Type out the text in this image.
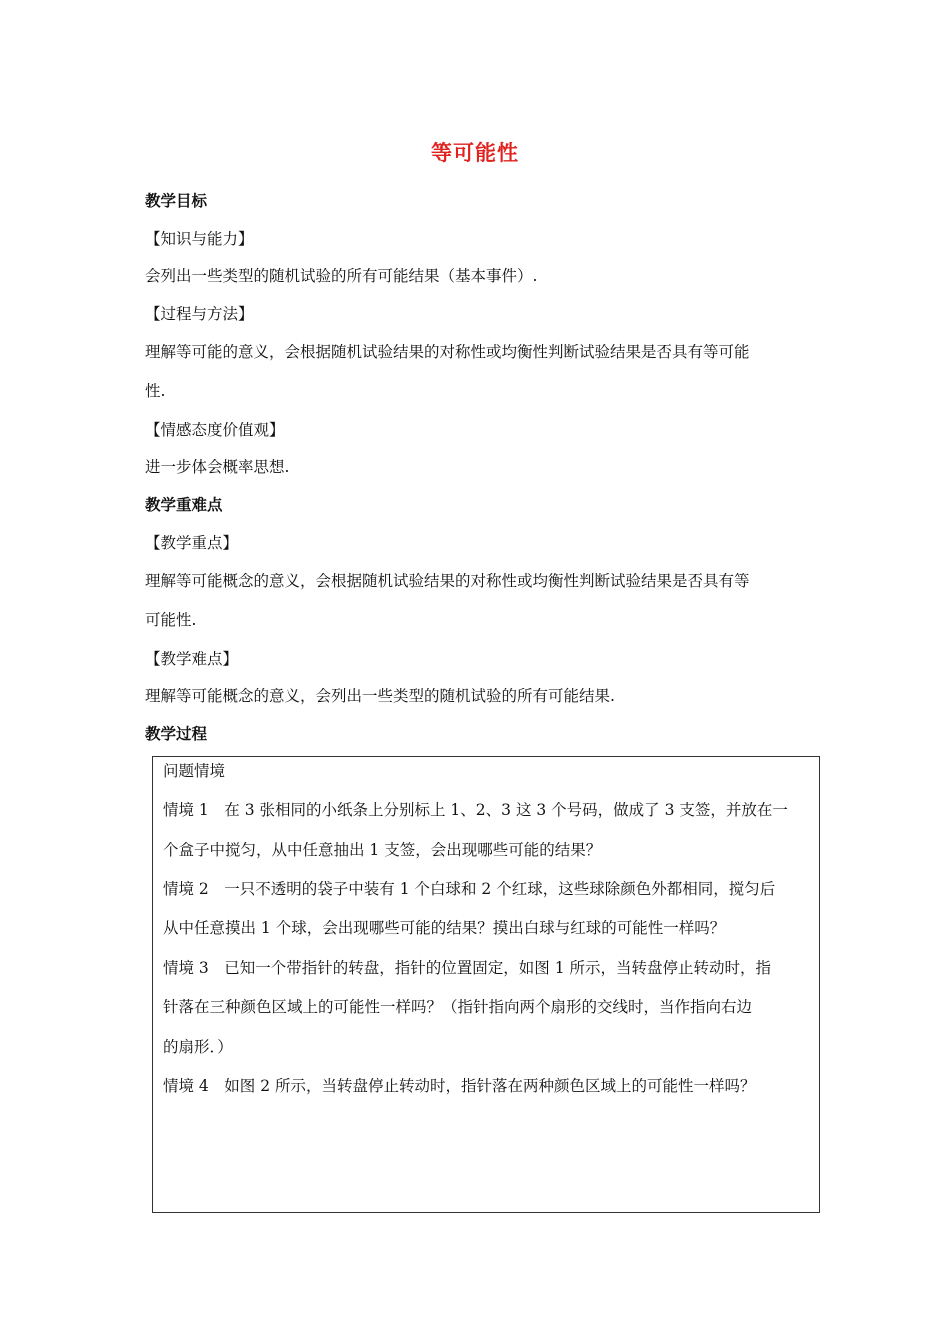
等可能性
教学目标
【知识与能力】
会列出一些类型的随机试验的所有可能结果（基本事件）.
【过程与方法】
理解等可能的意义，会根据随机试验结果的对称性或均衡性判断试验结果是否具有等可能
性.
【情感态度价值观】
进一步体会概率思想.
教学重难点
【教学重点】
理解等可能概念的意义，会根据随机试验结果的对称性或均衡性判断试验结果是否具有等
可能性.
【教学难点】
理解等可能概念的意义，会列出一些类型的随机试验的所有可能结果.
教学过程
问题情境
情境 1　在 3 张相同的小纸条上分别标上 1、2、3 这 3 个号码，做成了 3 支签，并放在一
个盒子中搅匀，从中任意抽出 1 支签，会出现哪些可能的结果？
情境 2　一只不透明的袋子中装有 1 个白球和 2 个红球，这些球除颜色外都相同，搅匀后
从中任意摸出 1 个球，会出现哪些可能的结果？摸出白球与红球的可能性一样吗？
情境 3　已知一个带指针的转盘，指针的位置固定，如图 1 所示，当转盘停止转动时，指
针落在三种颜色区域上的可能性一样吗？（指针指向两个扇形的交线时，当作指向右边
的扇形．）
情境 4　如图 2 所示，当转盘停止转动时，指针落在两种颜色区域上的可能性一样吗？
